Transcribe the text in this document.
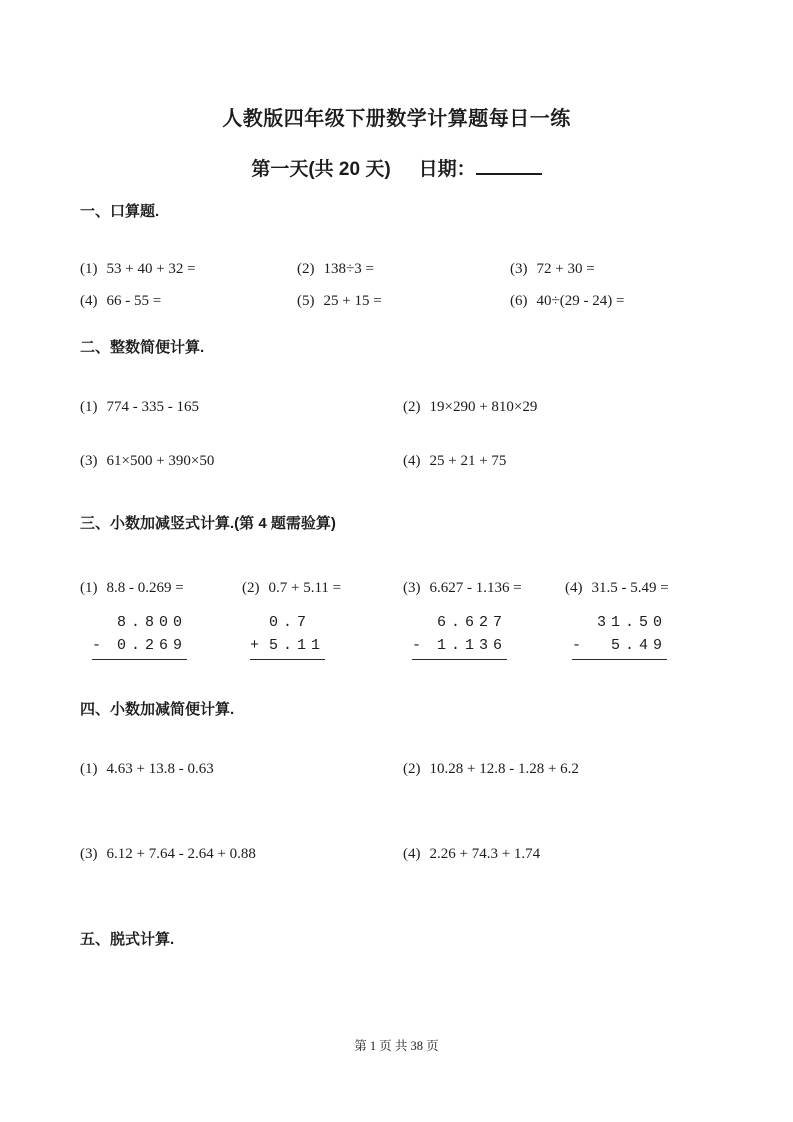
人教版四年级下册数学计算题每日一练
第一天(共 20 天) 日期：
一、口算题.
(1) 53 + 40 + 32 =	(2) 138÷3 =	(3) 72 + 30 =
(4) 66 - 55 =	(5) 25 + 15 =	(6) 40÷(29 - 24) =
二、整数简便计算.
(1) 774 - 335 - 165	(2) 19×290 + 810×29
(3) 61×500 + 390×50	(4) 25 + 21 + 75
三、小数加减竖式计算.(第 4 题需验算)
(1) 8.8 - 0.269 =	(2) 0.7 + 5.11 =	(3) 6.627 - 1.136 =	(4) 31.5 - 5.49 =
8.800
- 0.269
0.7
+ 5.11
6.627
- 1.136
31.50
- 5.49
四、小数加减简便计算.
(1) 4.63 + 13.8 - 0.63	(2) 10.28 + 12.8 - 1.28 + 6.2
(3) 6.12 + 7.64 - 2.64 + 0.88	(4) 2.26 + 74.3 + 1.74
五、脱式计算.
第 1 页 共 38 页
